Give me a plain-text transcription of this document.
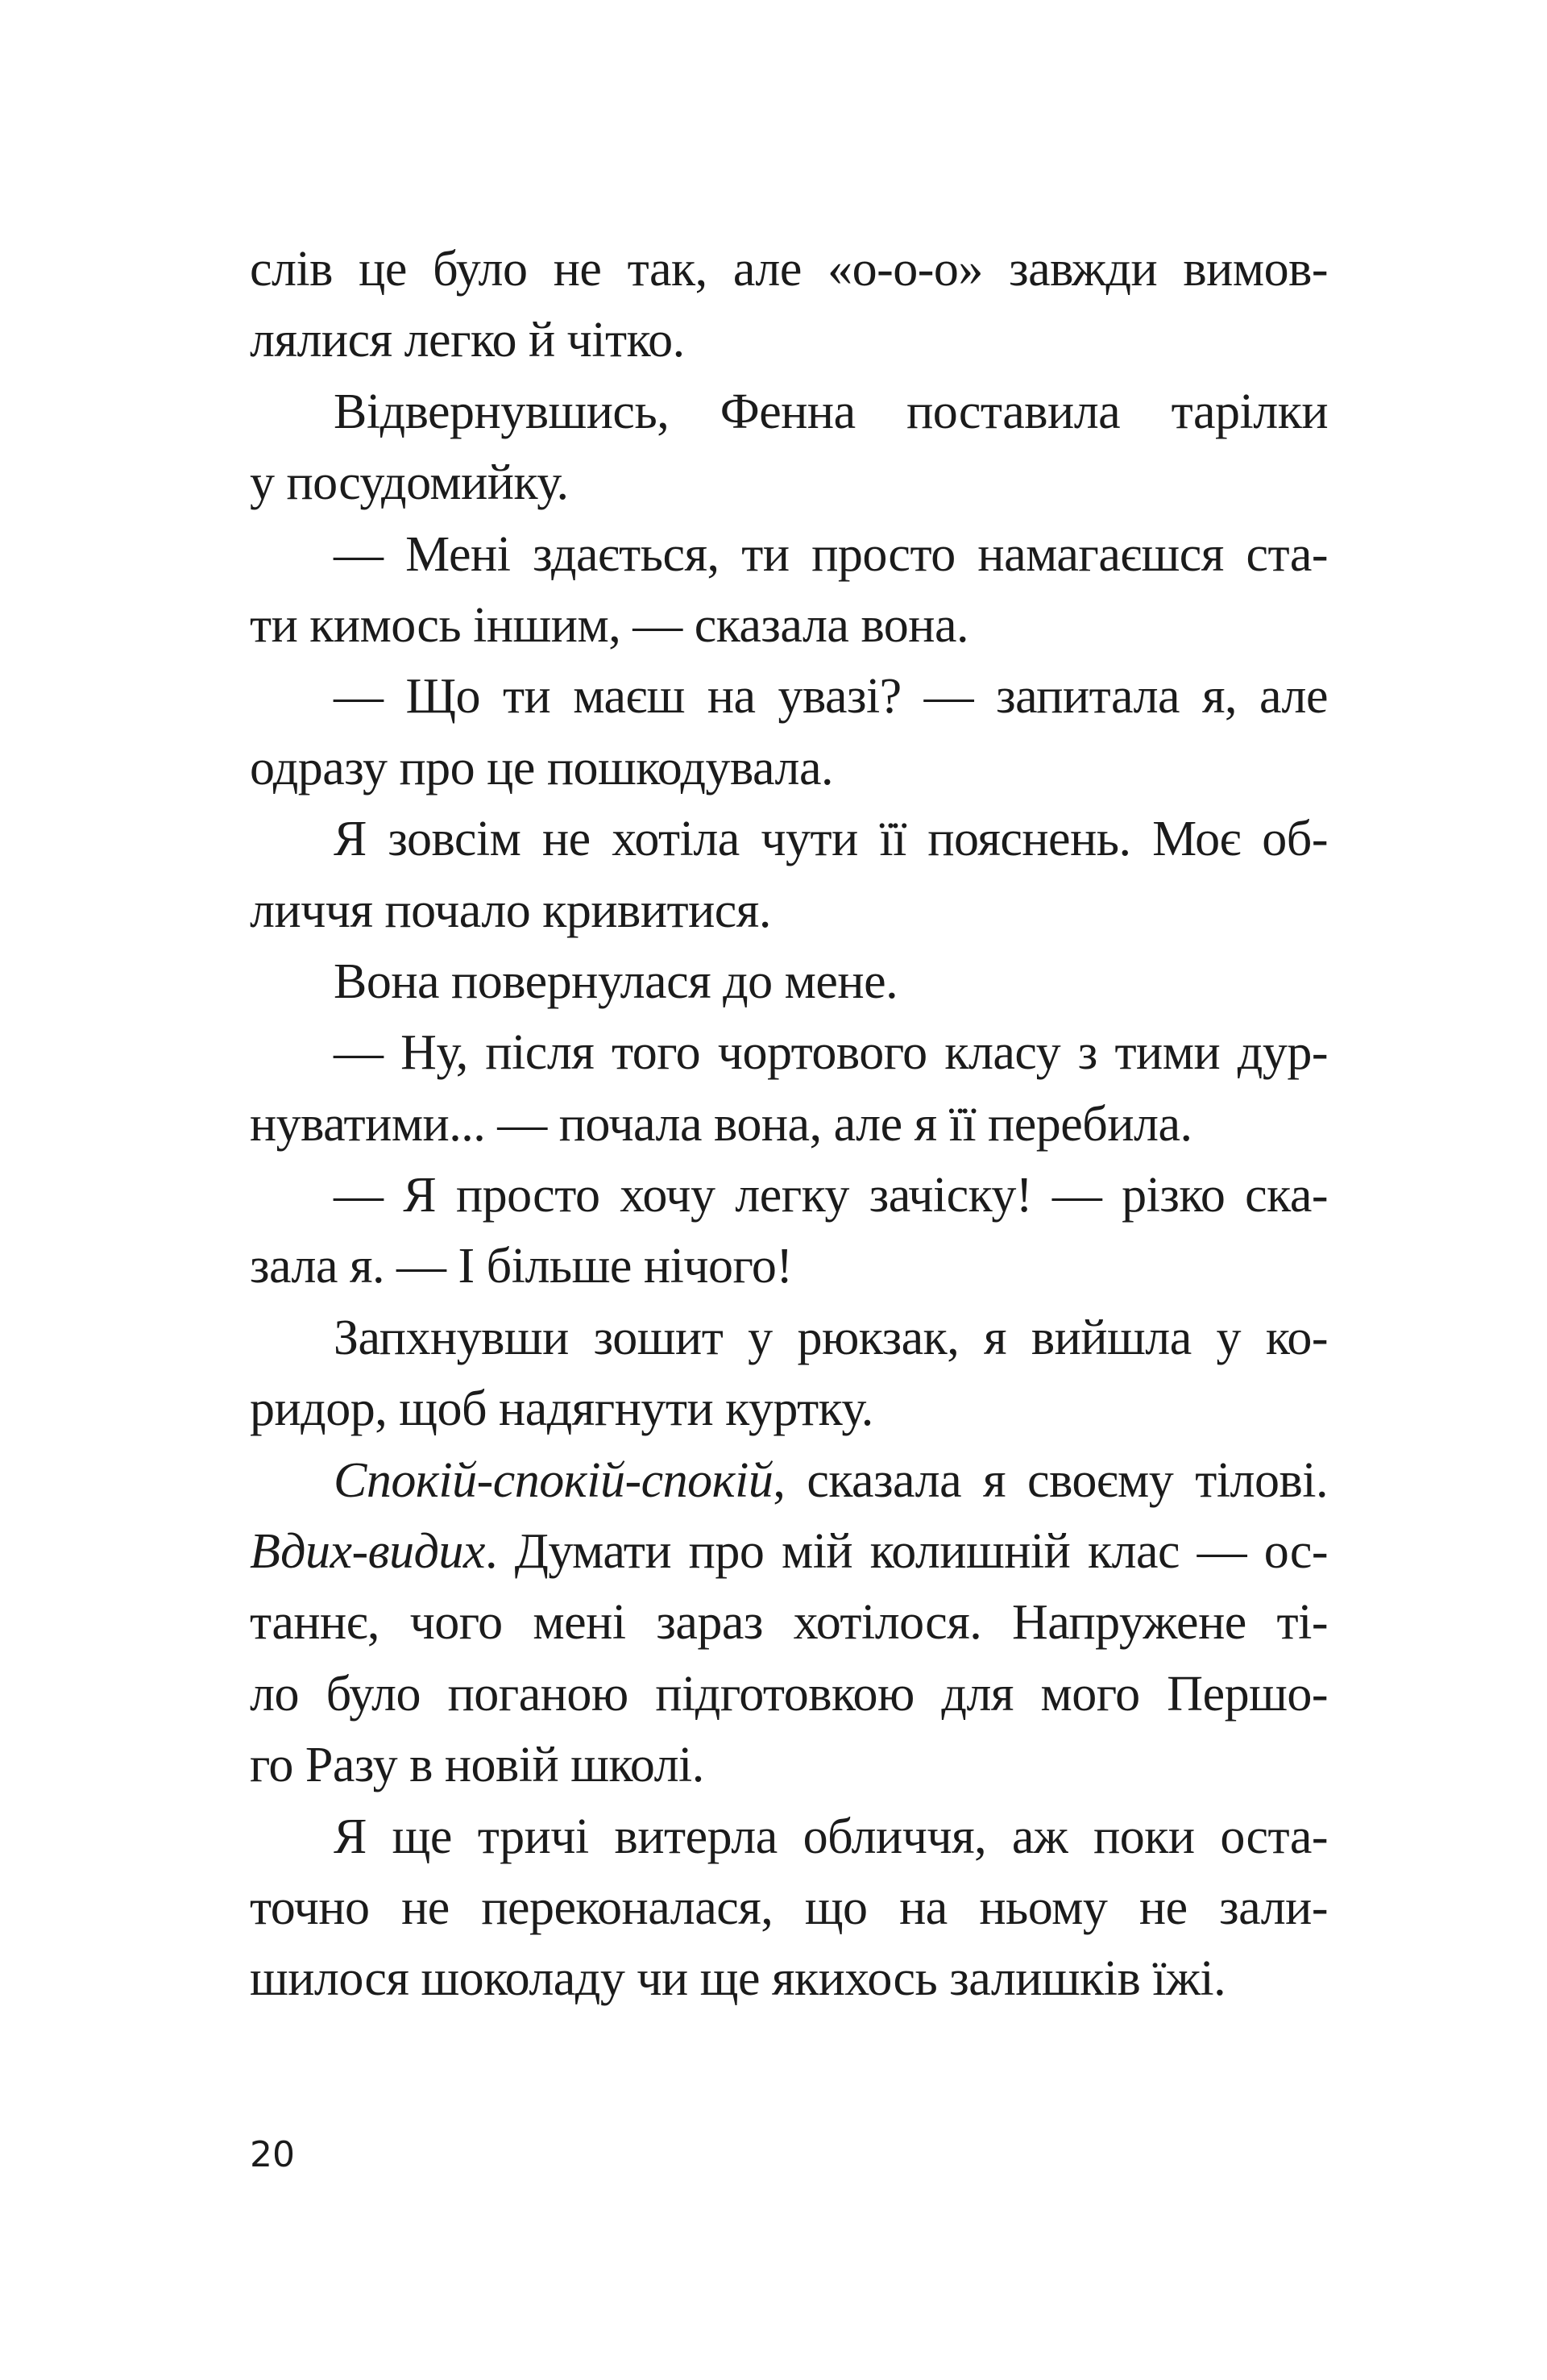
слів це було не так, але «о-о-о» завжди вимов-
лялися легко й чітко.
Відвернувшись, Фенна поставила тарілки
у посудомийку.
— Мені здається, ти просто намагаєшся ста-
ти кимось іншим, — сказала вона.
— Що ти маєш на увазі? — запитала я, але
одразу про це пошкодувала.
Я зовсім не хотіла чути її пояснень. Моє об-
личчя почало кривитися.
Вона повернулася до мене.
— Ну, після того чортового класу з тими дур-
нуватими... — почала вона, але я її перебила.
— Я просто хочу легку зачіску! — різко ска-
зала я. — І більше нічого!
Запхнувши зошит у рюкзак, я вийшла у ко-
ридор, щоб надягнути куртку.
Спокій-спокій-спокій, сказала я своєму тілові.
Вдих-видих. Думати про мій колишній клас — ос-
таннє, чого мені зараз хотілося. Напружене ті-
ло було поганою підготовкою для мого Першо-
го Разу в новій школі.
Я ще тричі витерла обличчя, аж поки оста-
точно не переконалася, що на ньому не зали-
шилося шоколаду чи ще якихось залишків їжі.
20
